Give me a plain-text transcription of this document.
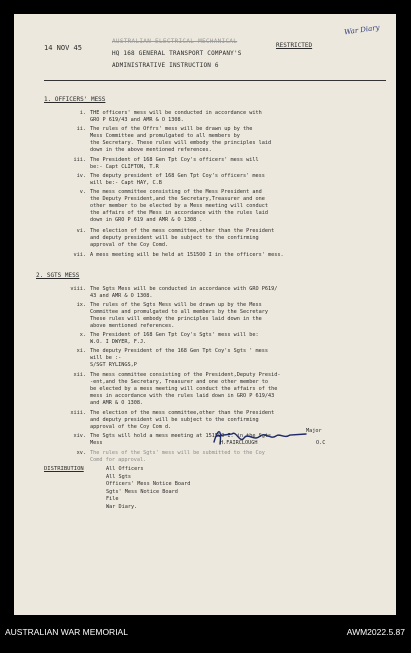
14 NOV 45
AUSTRALIAN ELECTRICAL MECHANICAL
HQ 168 GENERAL TRANSPORT COMPANY'S
ADMINISTRATIVE INSTRUCTION 6
RESTRICTED
War Diary
1. OFFICERS' MESS
i. THE officers' mess will be conducted in accordance with
GRO P 619/43 and AMR & O 1308.
ii. The rules of the Offrs' mess will be drawn up by the
Mess Committee and promulgated to all members by
the Secretary. These rules will embody the principles laid
down in the above mentioned references.
iii. The President of 168 Gen Tpt Coy's officers' mess will
be:- Capt CLIFTON, T.R
iv. The deputy president of 168 Gen Tpt Coy's officers' mess
will be:- Capt HAY, C.B
v. The mess committee consisting of the Mess President and
the Deputy President,and the Secretary,Treasurer and one
other member to be elected by a Mess meeting will conduct
the affairs of the Mess in accordance with the rules laid
down in GRO P 619 and AMR & O 1308 .
vi. The election of the mess committee,other than the President
and deputy president will be subject to the confirming
approval of the Coy Comd.
vii. A mess meeting will be held at 1515OO I in the officers' mess.
2. SGTS MESS
viii. The Sgts Mess will be conducted in accordance with GRO P619/
43 and AMR & O 1308.
ix. The rules of the Sgts Mess will be drawn up by the Mess
Committee and promulgated to all members by the Secretary
These rules will embody the principles laid down in the
above mentioned references.
x. The President of 168 Gen Tpt Coy's Sgts' mess will be:
W.O. I DWYER, F.J.
xi. The deputy President of the 168 Gen Tpt Coy's Sgts ' mess
will be :-
S/SGT RYLINGS,P
xii. The mess committee consisting of the President,Deputy Presid-
-ent,and the Secretary, Treasurer and one other member to
be elected by a mess meeting will conduct the affairs of the
mess in accordance with the rules laid down in GRO P 619/43
and AMR & O 1308.
xiii. The election of the mess committee,other than the President
and deputy president will be subject to the confirming
approval of the Coy Com d.
xiv. The Sgts will hold a mess meeting at 1515OO I. in the Sgts
Mess
xv. The rules of the Sgts' mess will be submitted to the Coy
Comd for approval.
Major
H.FAIRCLOUGH	O.C
DISTRIBUTION	All Officers
All Sgts
Officers' Mess Notice Board
Sgts' Mess Notice Board
File
War Diary.
AUSTRALIAN WAR MEMORIAL	AWM2022.5.87
